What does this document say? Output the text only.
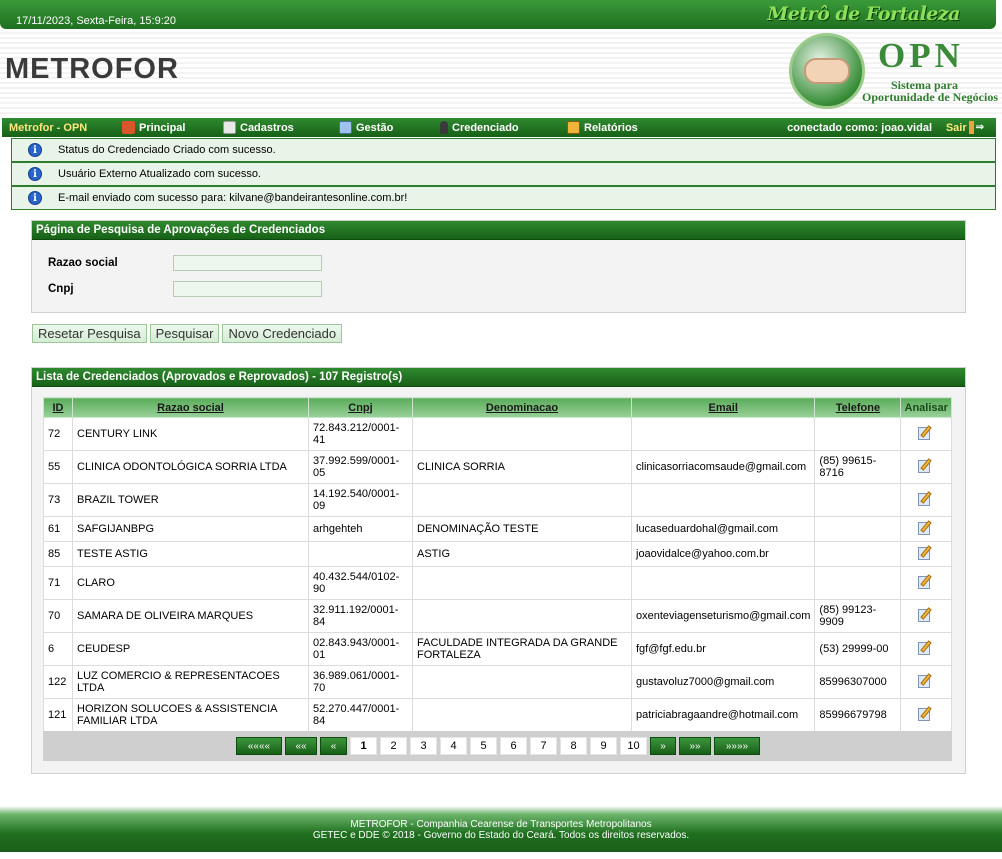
17/11/2023, Sexta-Feira, 15:9:20	Metrô de Fortaleza
METROFOR	OPN
Sistema para
Oportunidade de Negócios
Metrofor - OPN	Principal	Cadastros	Gestão	Credenciado	Relatórios	conectado como: joao.vidal Sair ⇒
i	Status do Credenciado Criado com sucesso.
i	Usuário Externo Atualizado com sucesso.
i	E-mail enviado com sucesso para: kilvane@bandeirantesonline.com.br!
Página de Pesquisa de Aprovações de Credenciados
Razao social
Cnpj
Resetar Pesquisa	Pesquisar	Novo Credenciado
Lista de Credenciados (Aprovados e Reprovados) - 107 Registro(s)
ID	Razao social	Cnpj	Denominacao	Email	Telefone	Analisar
72	CENTURY LINK	72.843.212/0001-41				

55	CLINICA ODONTOLÓGICA SORRIA LTDA	37.992.599/0001-05	CLINICA SORRIA	clinicasorriacomsaude@gmail.com	(85) 99615-8716	

73	BRAZIL TOWER	14.192.540/0001-09				

61	SAFGIJANBPG	arhgehteh	DENOMINAÇÃO TESTE	lucaseduardohal@gmail.com		

85	TESTE ASTIG		ASTIG	joaovidalce@yahoo.com.br		

71	CLARO	40.432.544/0102-90				

70	SAMARA DE OLIVEIRA MARQUES	32.911.192/0001-84		oxenteviagenseturismo@gmail.com	(85) 99123-9909	

6	CEUDESP	02.843.943/0001-01	FACULDADE INTEGRADA DA GRANDE FORTALEZA	fgf@fgf.edu.br	(53) 29999-00	

122	LUZ COMERCIO & REPRESENTACOES LTDA	36.989.061/0001-70		gustavoluz7000@gmail.com	85996307000	

121	HORIZON SOLUCOES & ASSISTENCIA FAMILIAR LTDA	52.270.447/0001-84		patriciabragaandre@hotmail.com	85996679798	
««««	««	«	1	2	3	4	5	6	7	8	9	10	»	»»	»»»»
METROFOR - Companhia Cearense de Transportes Metropolitanos
GETEC e DDE © 2018 - Governo do Estado do Ceará. Todos os direitos reservados.
